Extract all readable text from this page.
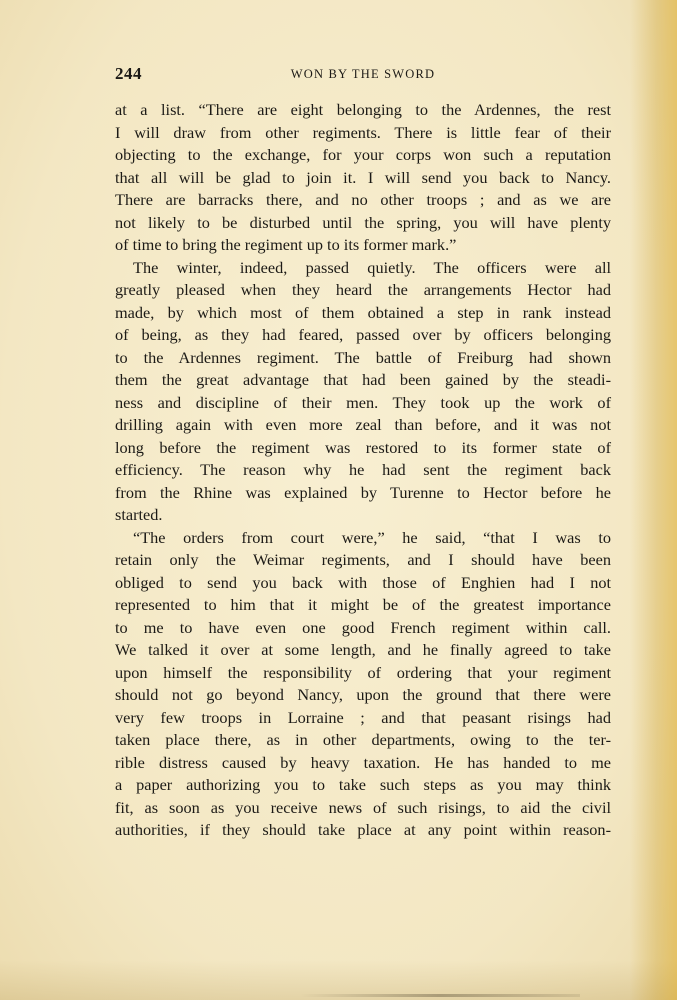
244	WON BY THE SWORD
at a list. “There are eight belonging to the Ardennes, the rest
I will draw from other regiments. There is little fear of their
objecting to the exchange, for your corps won such a reputation
that all will be glad to join it. I will send you back to Nancy.
There are barracks there, and no other troops ; and as we are
not likely to be disturbed until the spring, you will have plenty
of time to bring the regiment up to its former mark.”
The winter, indeed, passed quietly. The officers were all
greatly pleased when they heard the arrangements Hector had
made, by which most of them obtained a step in rank instead
of being, as they had feared, passed over by officers belonging
to the Ardennes regiment. The battle of Freiburg had shown
them the great advantage that had been gained by the steadi-
ness and discipline of their men. They took up the work of
drilling again with even more zeal than before, and it was not
long before the regiment was restored to its former state of
efficiency. The reason why he had sent the regiment back
from the Rhine was explained by Turenne to Hector before he
started.
“The orders from court were,” he said, “that I was to
retain only the Weimar regiments, and I should have been
obliged to send you back with those of Enghien had I not
represented to him that it might be of the greatest importance
to me to have even one good French regiment within call.
We talked it over at some length, and he finally agreed to take
upon himself the responsibility of ordering that your regiment
should not go beyond Nancy, upon the ground that there were
very few troops in Lorraine ; and that peasant risings had
taken place there, as in other departments, owing to the ter-
rible distress caused by heavy taxation. He has handed to me
a paper authorizing you to take such steps as you may think
fit, as soon as you receive news of such risings, to aid the civil
authorities, if they should take place at any point within reason-
